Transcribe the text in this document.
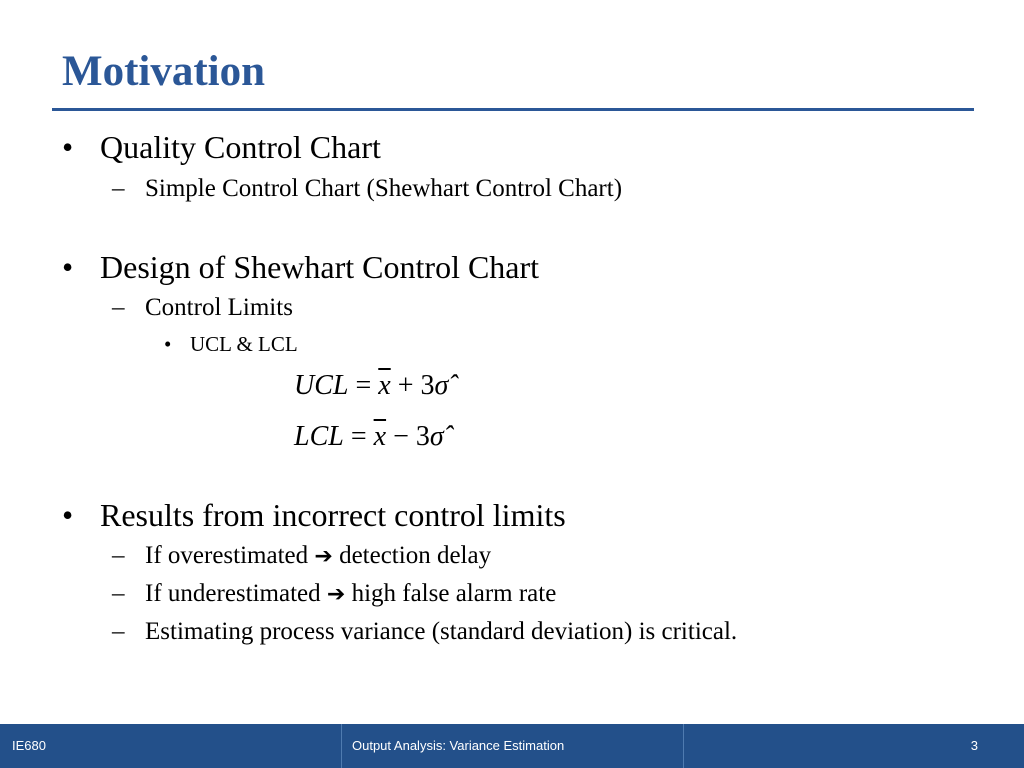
Motivation
• Quality Control Chart
– Simple Control Chart (Shewhart Control Chart)
• Design of Shewhart Control Chart
– Control Limits
• UCL & LCL
UCL = $\overline{x}$ + 3σ̂
LCL = $\overline{x}$ − 3σ̂
• Results from incorrect control limits
– If overestimated ➔ detection delay
– If underestimated ➔ high false alarm rate
– Estimating process variance (standard deviation) is critical.
IE680	Output Analysis: Variance Estimation	3
